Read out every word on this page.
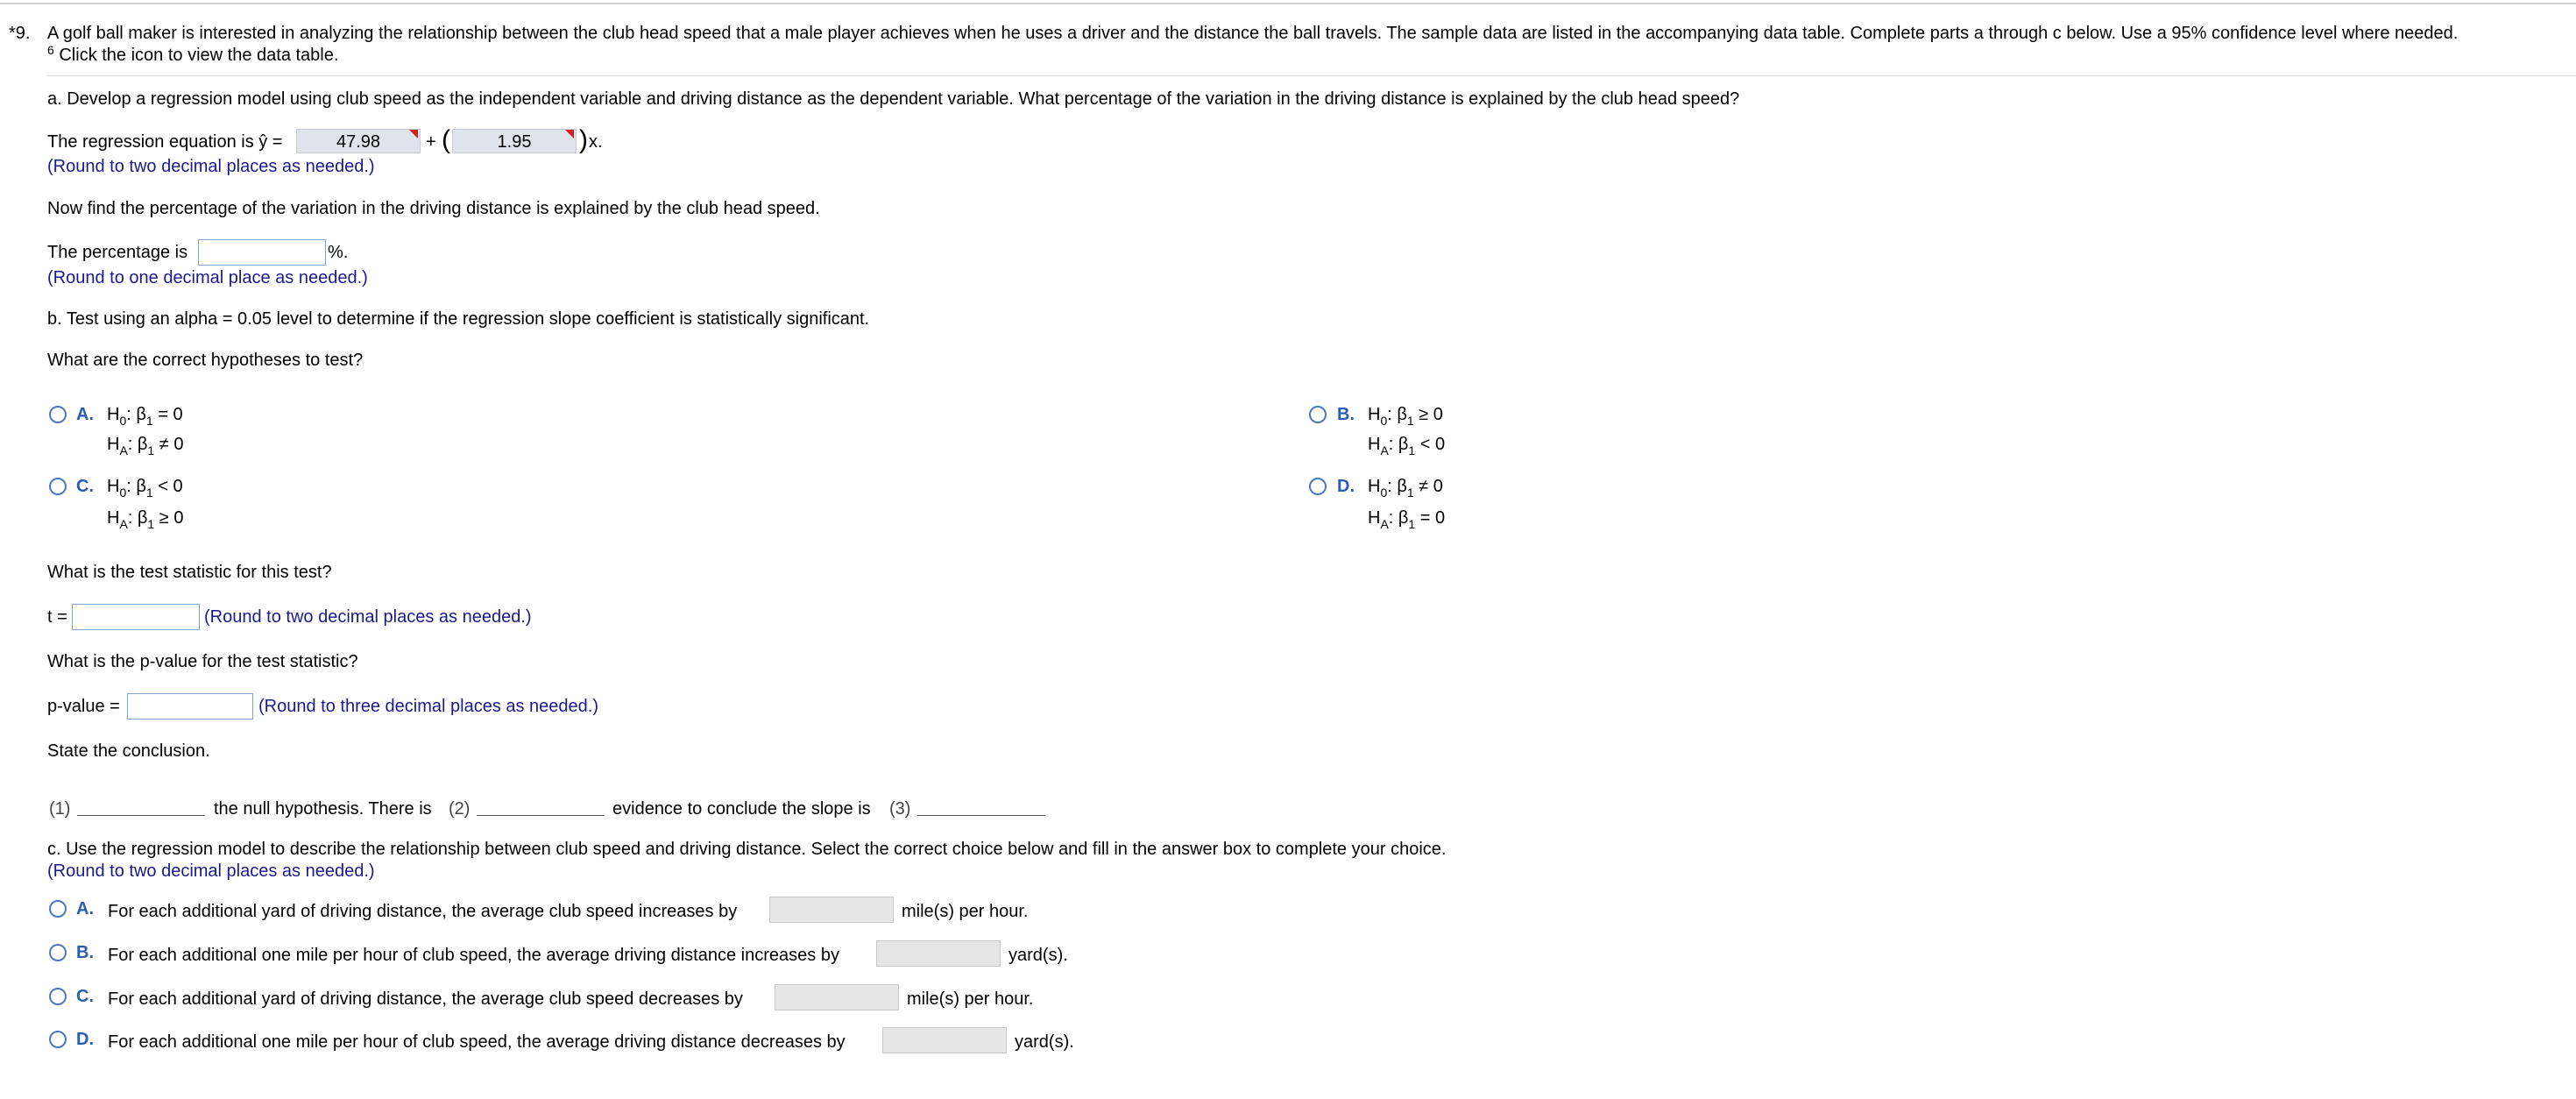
*9. A golf ball maker is interested in analyzing the relationship between the club head speed that a male player achieves when he uses a driver and the distance the ball travels. The sample data are listed in the accompanying data table. Complete parts a through c below. Use a 95% confidence level where needed.
$^6$ Click the icon to view the data table.
a. Develop a regression model using club speed as the independent variable and driving distance as the dependent variable. What percentage of the variation in the driving distance is explained by the club head speed?
The regression equation is ŷ =	47.98	+ (	1.95	) x.
(Round to two decimal places as needed.)
Now find the percentage of the variation in the driving distance is explained by the club head speed.
The percentage is	%.
(Round to one decimal place as needed.)
b. Test using an alpha = 0.05 level to determine if the regression slope coefficient is statistically significant.
What are the correct hypotheses to test?
A. $H_0$: $\beta_1 = 0$
$H_A$: $\beta_1 \ne 0$
B. $H_0$: $\beta_1 \ge 0$
$H_A$: $\beta_1 < 0$
C. $H_0$: $\beta_1 < 0$
$H_A$: $\beta_1 \ge 0$
D. $H_0$: $\beta_1 \ne 0$
$H_A$: $\beta_1 = 0$
What is the test statistic for this test?
t =	(Round to two decimal places as needed.)
What is the p-value for the test statistic?
p-value =	(Round to three decimal places as needed.)
State the conclusion.
(1)	the null hypothesis. There is (2)	evidence to conclude the slope is (3)
c. Use the regression model to describe the relationship between club speed and driving distance. Select the correct choice below and fill in the answer box to complete your choice.
(Round to two decimal places as needed.)
A. For each additional yard of driving distance, the average club speed increases by	mile(s) per hour.
B. For each additional one mile per hour of club speed, the average driving distance increases by	yard(s).
C. For each additional yard of driving distance, the average club speed decreases by	mile(s) per hour.
D. For each additional one mile per hour of club speed, the average driving distance decreases by	yard(s).
